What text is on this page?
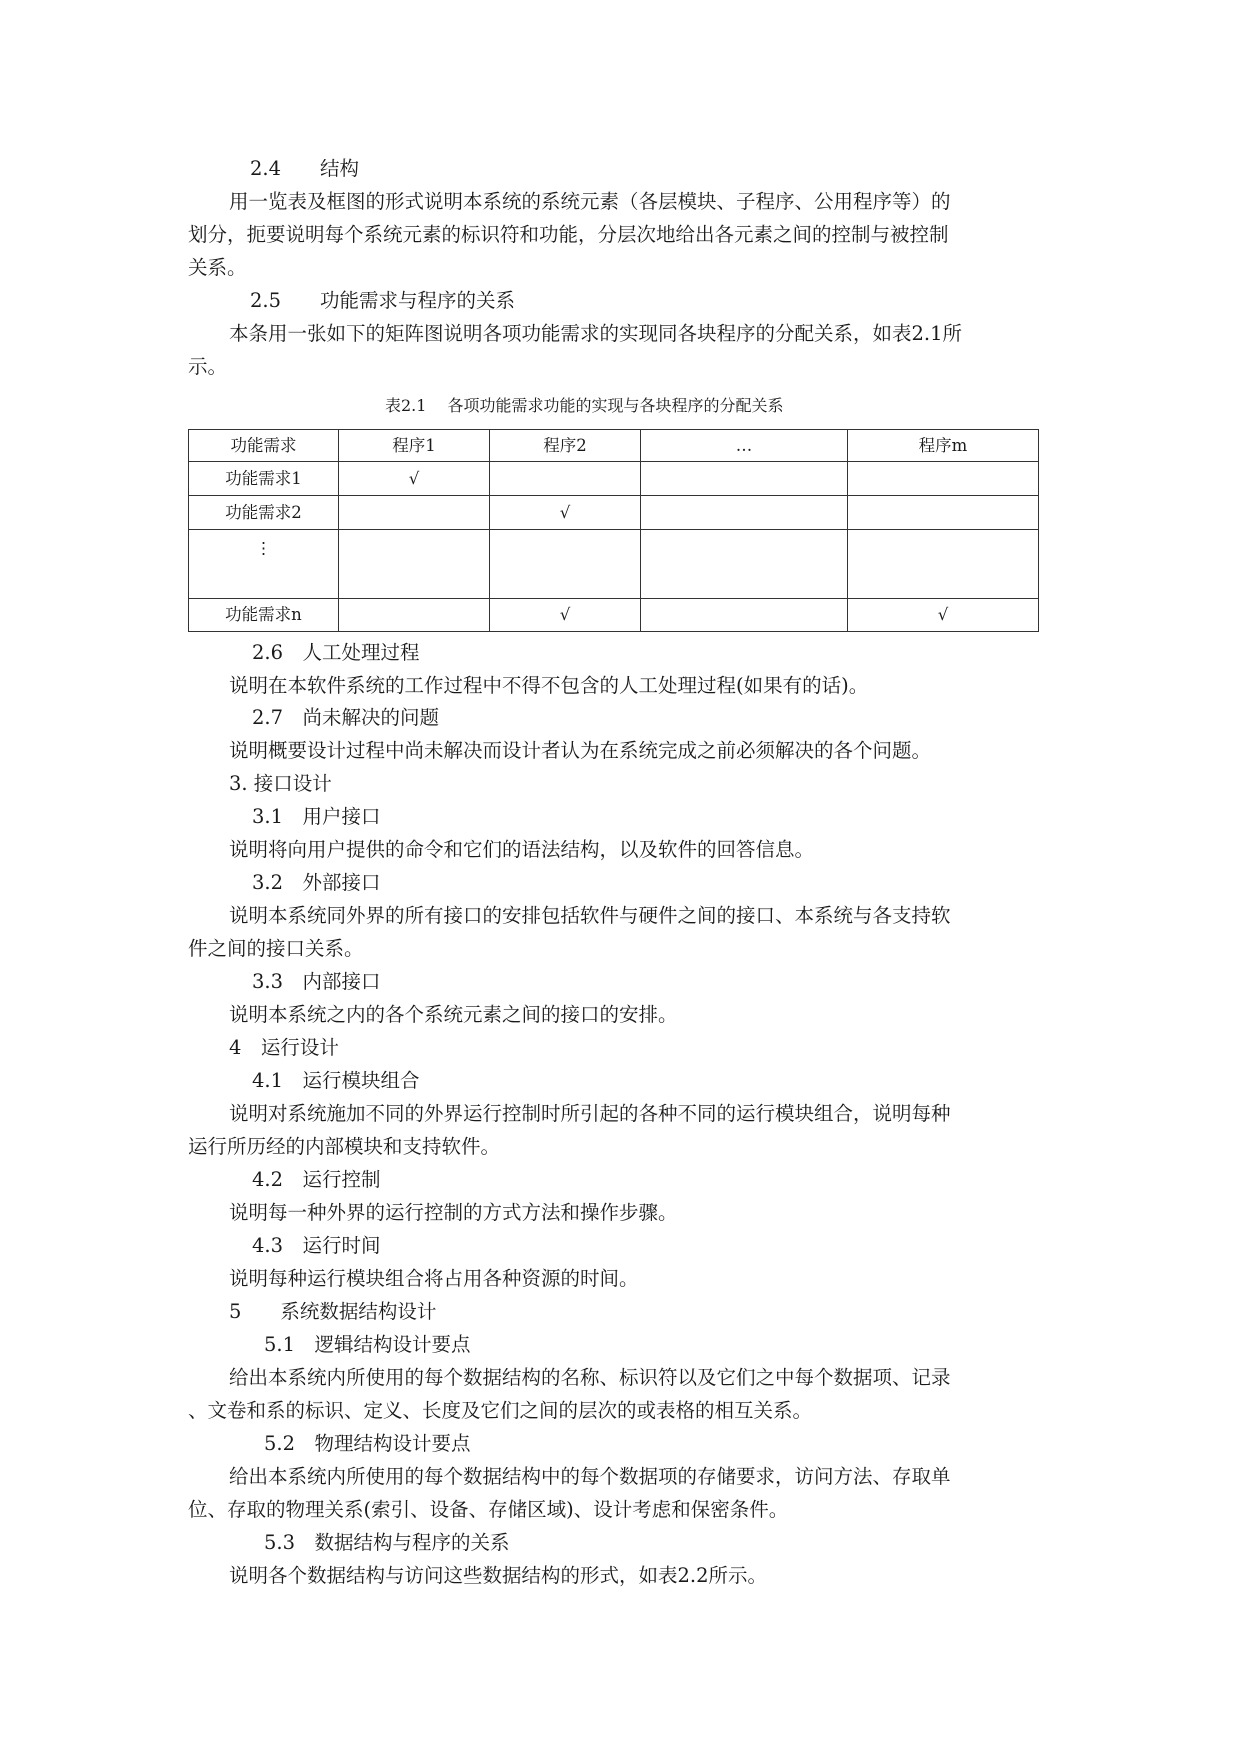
2.4　　结构
用一览表及框图的形式说明本系统的系统元素（各层模块、子程序、公用程序等）的
划分，扼要说明每个系统元素的标识符和功能，分层次地给出各元素之间的控制与被控制
关系。
2.5　　功能需求与程序的关系
本条用一张如下的矩阵图说明各项功能需求的实现同各块程序的分配关系，如表2.1所
示。
表2.1　 各项功能需求功能的实现与各块程序的分配关系
功能需求	程序1	程序2	…	程序m
功能需求1	√			
功能需求2		√		
⋮				
功能需求n		√		√
2.6　人工处理过程
说明在本软件系统的工作过程中不得不包含的人工处理过程(如果有的话)。
2.7　尚未解决的问题
说明概要设计过程中尚未解决而设计者认为在系统完成之前必须解决的各个问题。
3. 接口设计
3.1　用户接口
说明将向用户提供的命令和它们的语法结构，以及软件的回答信息。
3.2　外部接口
说明本系统同外界的所有接口的安排包括软件与硬件之间的接口、本系统与各支持软
件之间的接口关系。
3.3　内部接口
说明本系统之内的各个系统元素之间的接口的安排。
4　运行设计
4.1　运行模块组合
说明对系统施加不同的外界运行控制时所引起的各种不同的运行模块组合，说明每种
运行所历经的内部模块和支持软件。
4.2　运行控制
说明每一种外界的运行控制的方式方法和操作步骤。
4.3　运行时间
说明每种运行模块组合将占用各种资源的时间。
5　　系统数据结构设计
5.1　逻辑结构设计要点
给出本系统内所使用的每个数据结构的名称、标识符以及它们之中每个数据项、记录
、文卷和系的标识、定义、长度及它们之间的层次的或表格的相互关系。
5.2　物理结构设计要点
给出本系统内所使用的每个数据结构中的每个数据项的存储要求，访问方法、存取单
位、存取的物理关系(索引、设备、存储区域)、设计考虑和保密条件。
5.3　数据结构与程序的关系
说明各个数据结构与访问这些数据结构的形式，如表2.2所示。
